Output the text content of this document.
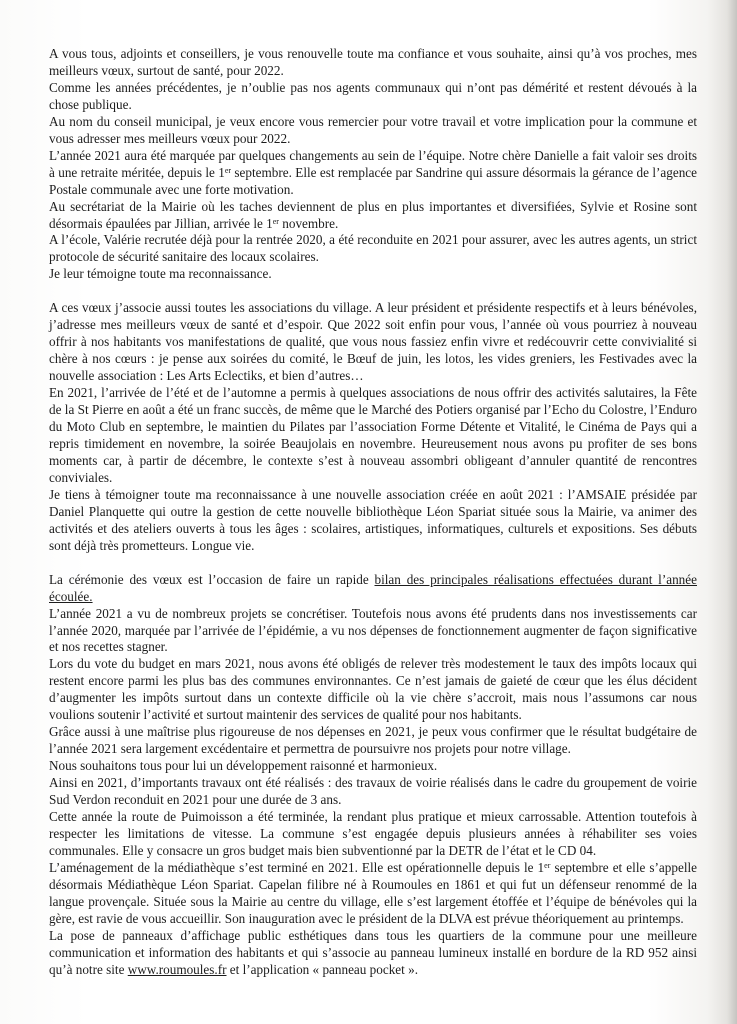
A vous tous, adjoints et conseillers, je vous renouvelle toute ma confiance et vous souhaite, ainsi qu’à vos proches, mes meilleurs vœux, surtout de santé, pour 2022.

Comme les années précédentes, je n’oublie pas nos agents communaux qui n’ont pas démérité et restent dévoués à la chose publique.

Au nom du conseil municipal, je veux encore vous remercier pour votre travail et votre implication pour la commune et vous adresser mes meilleurs vœux pour 2022.

L’année 2021 aura été marquée par quelques changements au sein de l’équipe. Notre chère Danielle a fait valoir ses droits à une retraite méritée, depuis le 1er septembre. Elle est remplacée par Sandrine qui assure désormais la gérance de l’agence Postale communale avec une forte motivation.

Au secrétariat de la Mairie où les taches deviennent de plus en plus importantes et diversifiées, Sylvie et Rosine sont désormais épaulées par Jillian, arrivée le 1er novembre.

A l’école, Valérie recrutée déjà pour la rentrée 2020, a été reconduite en 2021 pour assurer, avec les autres agents, un strict protocole de sécurité sanitaire des locaux scolaires.

Je leur témoigne toute ma reconnaissance.

A ces vœux j’associe aussi toutes les associations du village. A leur président et présidente respectifs et à leurs bénévoles, j’adresse mes meilleurs vœux de santé et d’espoir. Que 2022 soit enfin pour vous, l’année où vous pourriez à nouveau offrir à nos habitants vos manifestations de qualité, que vous nous fassiez enfin vivre et redécouvrir cette convivialité si chère à nos cœurs : je pense aux soirées du comité, le Bœuf de juin, les lotos, les vides greniers, les Festivades avec la nouvelle association : Les Arts Eclectiks, et bien d’autres…

En 2021, l’arrivée de l’été et de l’automne a permis à quelques associations de nous offrir des activités salutaires, la Fête de la St Pierre en août a été un franc succès, de même que le Marché des Potiers organisé par l’Echo du Colostre, l’Enduro du Moto Club en septembre, le maintien du Pilates par l’association Forme Détente et Vitalité, le Cinéma de Pays qui a repris timidement en novembre, la soirée Beaujolais en novembre. Heureusement nous avons pu profiter de ses bons moments car, à partir de décembre, le contexte s’est à nouveau assombri obligeant d’annuler quantité de rencontres conviviales.

Je tiens à témoigner toute ma reconnaissance à une nouvelle association créée en août 2021 : l’AMSAIE présidée par Daniel Planquette qui outre la gestion de cette nouvelle bibliothèque Léon Spariat située sous la Mairie, va animer des activités et des ateliers ouverts à tous les âges : scolaires, artistiques, informatiques, culturels et expositions. Ses débuts sont déjà très prometteurs. Longue vie.

La cérémonie des vœux est l’occasion de faire un rapide bilan des principales réalisations effectuées durant l’année écoulée.

L’année 2021 a vu de nombreux projets se concrétiser. Toutefois nous avons été prudents dans nos investissements car l’année 2020, marquée par l’arrivée de l’épidémie, a vu nos dépenses de fonctionnement augmenter de façon significative et nos recettes stagner.

Lors du vote du budget en mars 2021, nous avons été obligés de relever très modestement le taux des impôts locaux qui restent encore parmi les plus bas des communes environnantes. Ce n’est jamais de gaieté de cœur que les élus décident d’augmenter les impôts surtout dans un contexte difficile où la vie chère s’accroit, mais nous l’assumons car nous voulions soutenir l’activité et surtout maintenir des services de qualité pour nos habitants.

Grâce aussi à une maîtrise plus rigoureuse de nos dépenses en 2021, je peux vous confirmer que le résultat budgétaire de l’année 2021 sera largement excédentaire et permettra de poursuivre nos projets pour notre village.

Nous souhaitons tous pour lui un développement raisonné et harmonieux.

Ainsi en 2021, d’importants travaux ont été réalisés : des travaux de voirie réalisés dans le cadre du groupement de voirie Sud Verdon reconduit en 2021 pour une durée de 3 ans.

Cette année la route de Puimoisson a été terminée, la rendant plus pratique et mieux carrossable. Attention toutefois à respecter les limitations de vitesse. La commune s’est engagée depuis plusieurs années à réhabiliter ses voies communales. Elle y consacre un gros budget mais bien subventionné par la DETR de l’état et le CD 04.

L’aménagement de la médiathèque s’est terminé en 2021. Elle est opérationnelle depuis le 1er septembre et elle s’appelle désormais Médiathèque Léon Spariat. Capelan filibre né à Roumoules en 1861 et qui fut un défenseur renommé de la langue provençale. Située sous la Mairie au centre du village, elle s’est largement étoffée et l’équipe de bénévoles qui la gère, est ravie de vous accueillir. Son inauguration avec le président de la DLVA est prévue théoriquement au printemps.

La pose de panneaux d’affichage public esthétiques dans tous les quartiers de la commune pour une meilleure communication et information des habitants et qui s’associe au panneau lumineux installé en bordure de la RD 952 ainsi qu’à notre site www.roumoules.fr et l’application « panneau pocket ».
